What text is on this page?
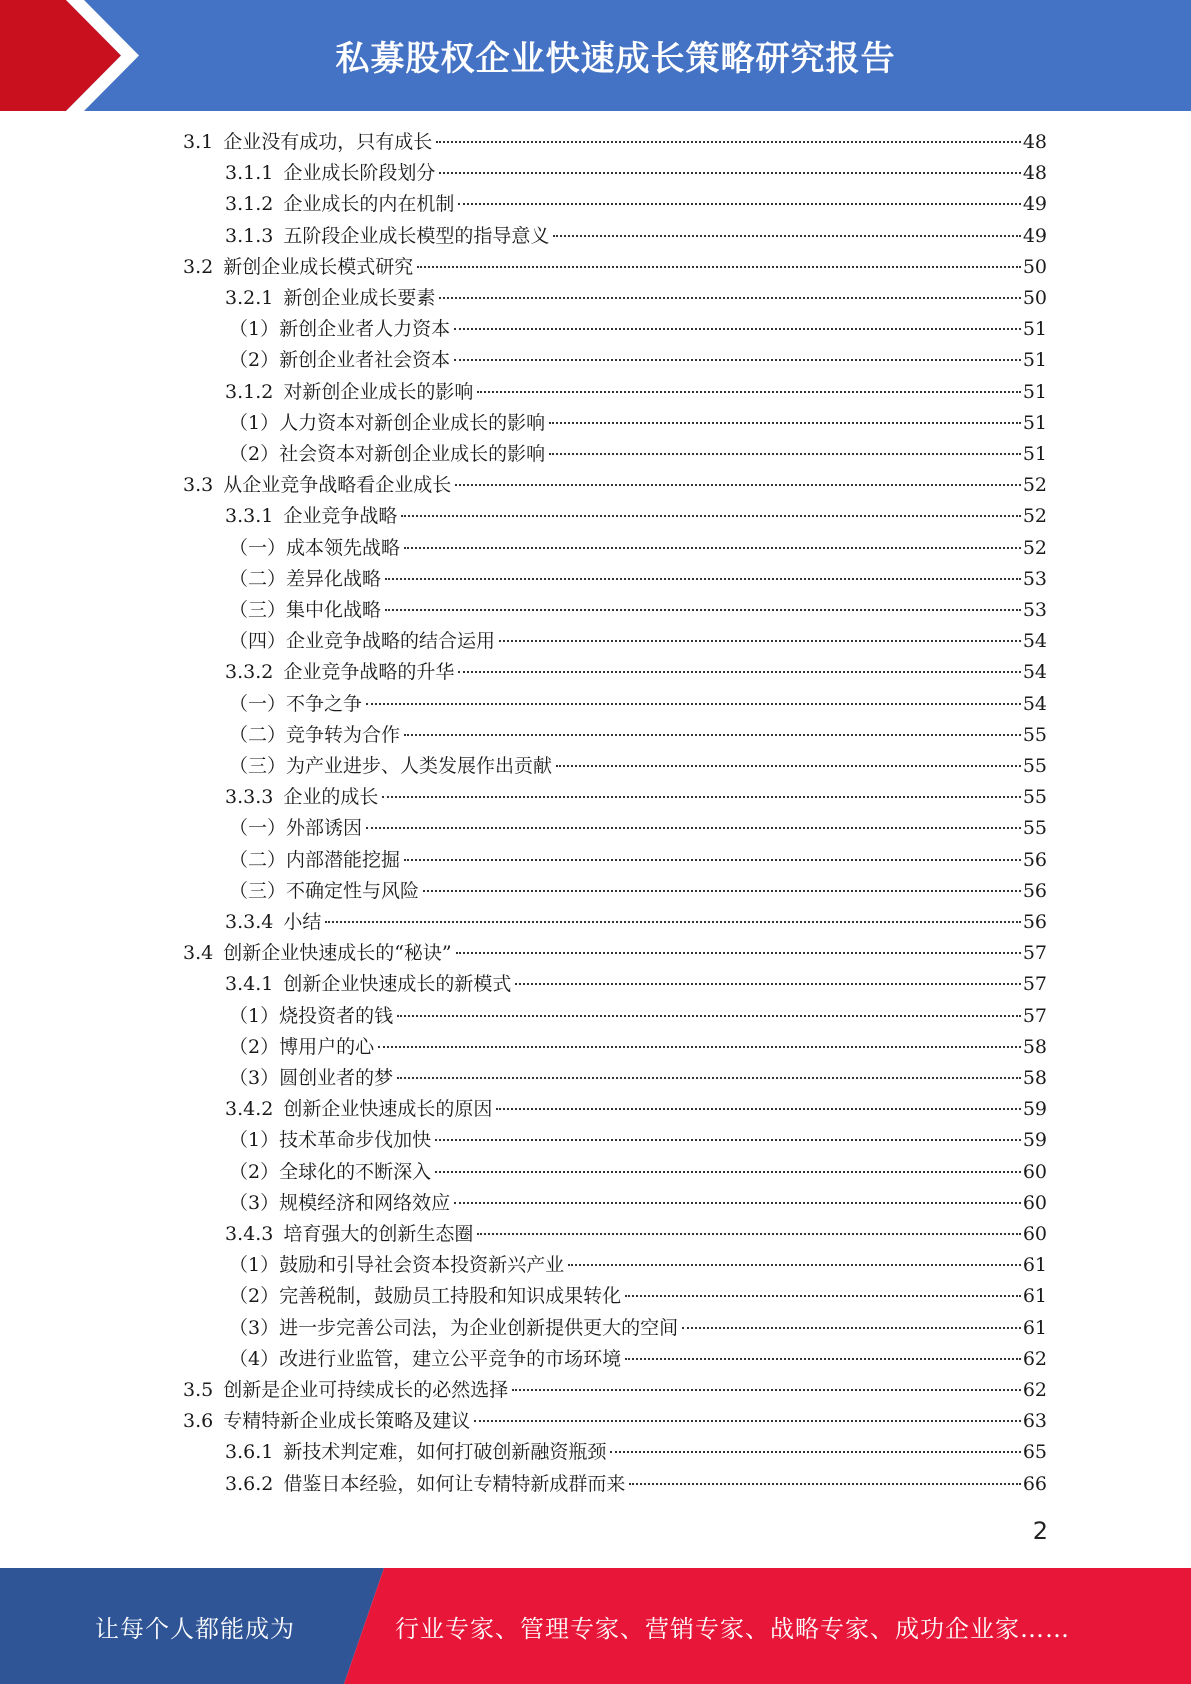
私募股权企业快速成长策略研究报告
3.1 企业没有成功，只有成长	48
3.1.1 企业成长阶段划分	48
3.1.2 企业成长的内在机制	49
3.1.3 五阶段企业成长模型的指导意义	49
3.2 新创企业成长模式研究	50
3.2.1 新创企业成长要素	50
（1） 新创企业者人力资本	51
（2） 新创企业者社会资本	51
3.1.2 对新创企业成长的影响	51
（1） 人力资本对新创企业成长的影响	51
（2） 社会资本对新创企业成长的影响	51
3.3 从企业竞争战略看企业成长	52
3.3.1 企业竞争战略	52
（一） 成本领先战略	52
（二） 差异化战略	53
（三） 集中化战略	53
（四） 企业竞争战略的结合运用	54
3.3.2 企业竞争战略的升华	54
（一） 不争之争	54
（二） 竞争转为合作	55
（三） 为产业进步、人类发展作出贡献	55
3.3.3 企业的成长	55
（一） 外部诱因	55
（二） 内部潜能挖掘	56
（三） 不确定性与风险	56
3.3.4 小结	56
3.4 创新企业快速成长的“秘诀”	57
3.4.1 创新企业快速成长的新模式	57
（1） 烧投资者的钱	57
（2） 博用户的心	58
（3） 圆创业者的梦	58
3.4.2 创新企业快速成长的原因	59
（1） 技术革命步伐加快	59
（2） 全球化的不断深入	60
（3） 规模经济和网络效应	60
3.4.3 培育强大的创新生态圈	60
（1） 鼓励和引导社会资本投资新兴产业	61
（2） 完善税制，鼓励员工持股和知识成果转化	61
（3） 进一步完善公司法，为企业创新提供更大的空间	61
（4） 改进行业监管，建立公平竞争的市场环境	62
3.5 创新是企业可持续成长的必然选择	62
3.6 专精特新企业成长策略及建议	63
3.6.1 新技术判定难，如何打破创新融资瓶颈	65
3.6.2 借鉴日本经验，如何让专精特新成群而来	66
2
让每个人都能成为	行业专家、管理专家、营销专家、战略专家、成功企业家……
